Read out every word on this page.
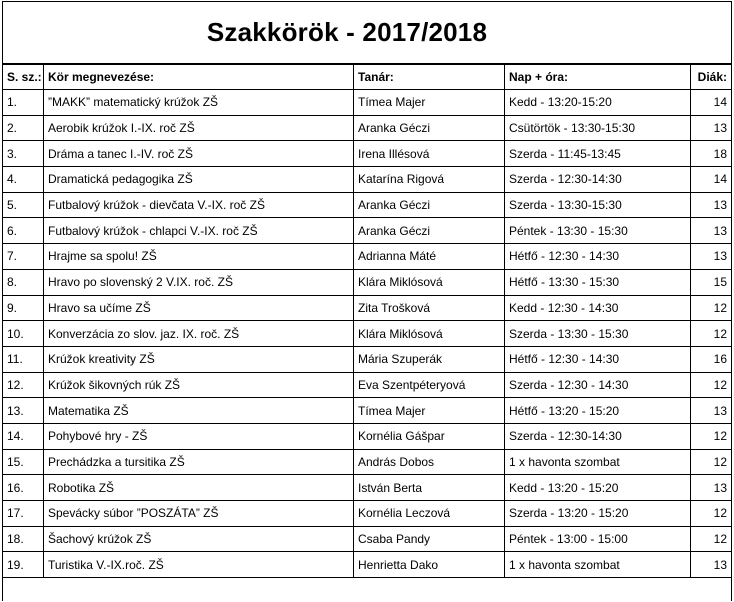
Szakkörök - 2017/2018
S. sz.:	Kör megnevezése:	Tanár:	Nap + óra:	Diák:
1.	”MAKK” matematický krúžok ZŠ	Tímea Majer	Kedd - 13:20-15:20	14
2.	Aerobik krúžok I.-IX. roč ZŠ	Aranka Géczi	Csütörtök - 13:30-15:30	13
3.	Dráma a tanec I.-IV. roč ZŠ	Irena Illésová	Szerda - 11:45-13:45	18
4.	Dramatická pedagogika ZŠ	Katarína Rigová	Szerda - 12:30-14:30	14
5.	Futbalový krúžok - dievčata V.-IX. roč ZŠ	Aranka Géczi	Szerda - 13:30-15:30	13
6.	Futbalový krúžok - chlapci V.-IX. roč ZŠ	Aranka Géczi	Péntek - 13:30 - 15:30	13
7.	Hrajme sa spolu! ZŠ	Adrianna Máté	Hétfő - 12:30 - 14:30	13
8.	Hravo po slovenský 2 V.IX. roč. ZŠ	Klára Miklósová	Hétfő - 13:30 - 15:30	15
9.	Hravo sa učíme ZŠ	Zita Trošková	Kedd - 12:30 - 14:30	12
10.	Konverzácia zo slov. jaz. IX. roč. ZŠ	Klára Miklósová	Szerda - 13:30 - 15:30	12
11.	Krúžok kreativity ZŠ	Mária Szuperák	Hétfő - 12:30 - 14:30	16
12.	Krúžok šikovných rúk ZŠ	Eva Szentpéteryová	Szerda - 12:30 - 14:30	12
13.	Matematika ZŠ	Tímea Majer	Hétfő - 13:20 - 15:20	13
14.	Pohybové hry - ZŠ	Kornélia Gášpar	Szerda - 12:30-14:30	12
15.	Prechádzka a tursitika ZŠ	András Dobos	1 x havonta szombat	12
16.	Robotika ZŠ	István Berta	Kedd - 13:20 - 15:20	13
17.	Spevácky súbor ”POSZÁTA” ZŠ	Kornélia Leczová	Szerda - 13:20 - 15:20	12
18.	Šachový krúžok ZŠ	Csaba Pandy	Péntek - 13:00 - 15:00	12
19.	Turistika V.-IX.roč. ZŠ	Henrietta Dako	1 x havonta szombat	13
